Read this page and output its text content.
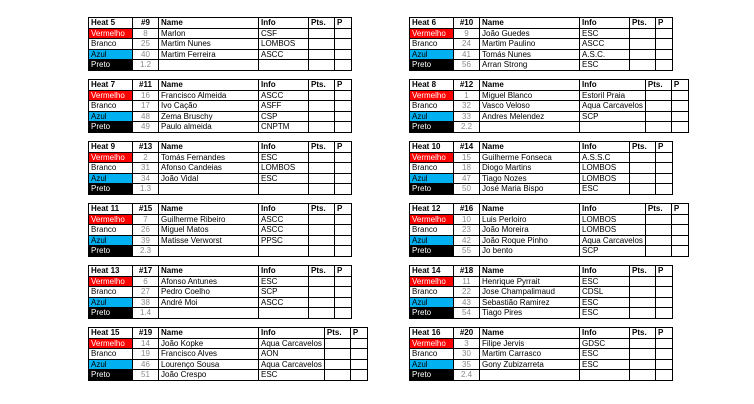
Heat 5	#9	Name	Info	Pts.	P
Vermelho	8	Marlon	CSF		
Branco	25	Martim Nunes	LOMBOS		
Azul	40	Martim Ferreira	ASCC		
Preto	1.2				
Heat 6	#10	Name	Info	Pts.	P
Vermelho	9	João Guedes	ESC		
Branco	24	Martim Paulino	ASCC		
Azul	41	Tomás Nunes	A.S.C.		
Preto	56	Arran Strong	ESC		
Heat 7	#11	Name	Info	Pts.	P
Vermelho	16	Francisco Almeida	ASCC		
Branco	17	Ivo Cação	ASFF		
Azul	48	Zema Bruschy	CSP		
Preto	49	Paulo almeida	CNPTM		
Heat 8	#12	Name	Info	Pts.	P
Vermelho	1	Miguel Blanco	Estoril Praia		
Branco	32	Vasco Veloso	Aqua Carcavelos		
Azul	33	Andres Melendez	SCP		
Preto	2.2				
Heat 9	#13	Name	Info	Pts.	P
Vermelho	2	Tomás Fernandes	ESC		
Branco	31	Afonso Candeias	LOMBOS		
Azul	34	João Vidal	ESC		
Preto	1.3				
Heat 10	#14	Name	Info	Pts.	P
Vermelho	15	Guilherme Fonseca	A.S.S.C		
Branco	18	Diogo Martins	LOMBOS		
Azul	47	Tiago Nozes	LOMBOS		
Preto	50	José Maria Bispo	ESC		
Heat 11	#15	Name	Info	Pts.	P
Vermelho	7	Guilherme Ribeiro	ASCC		
Branco	26	Miguel Matos	ASCC		
Azul	39	Matisse Verworst	PPSC		
Preto	2.3				
Heat 12	#16	Name	Info	Pts.	P
Vermelho	10	Luis Perloiro	LOMBOS		
Branco	23	João Moreira	LOMBOS		
Azul	42	João Roque Pinho	Aqua Carcavelos		
Preto	55	Jo bento	SCP		
Heat 13	#17	Name	Info	Pts.	P
Vermelho	6	Afonso Antunes	ESC		
Branco	27	Pedro Coelho	SCP		
Azul	38	André Moi	ASCC		
Preto	1.4				
Heat 14	#18	Name	Info	Pts.	P
Vermelho	11	Henrique Pyrrait	ESC		
Branco	22	Jose Champalimaud	CDSL		
Azul	43	Sebastião Ramirez	ESC		
Preto	54	Tiago Pires	ESC		
Heat 15	#19	Name	Info	Pts.	P
Vermelho	14	João Kopke	Aqua Carcavelos		
Branco	19	Francisco Alves	AON		
Azul	46	Lourenço Sousa	Aqua Carcavelos		
Preto	51	João Crespo	ESC		
Heat 16	#20	Name	Info	Pts.	P
Vermelho	3	Filipe Jervis	GDSC		
Branco	30	Martim Carrasco	ESC		
Azul	35	Gony Zubizarreta	ESC		
Preto	2.4				
